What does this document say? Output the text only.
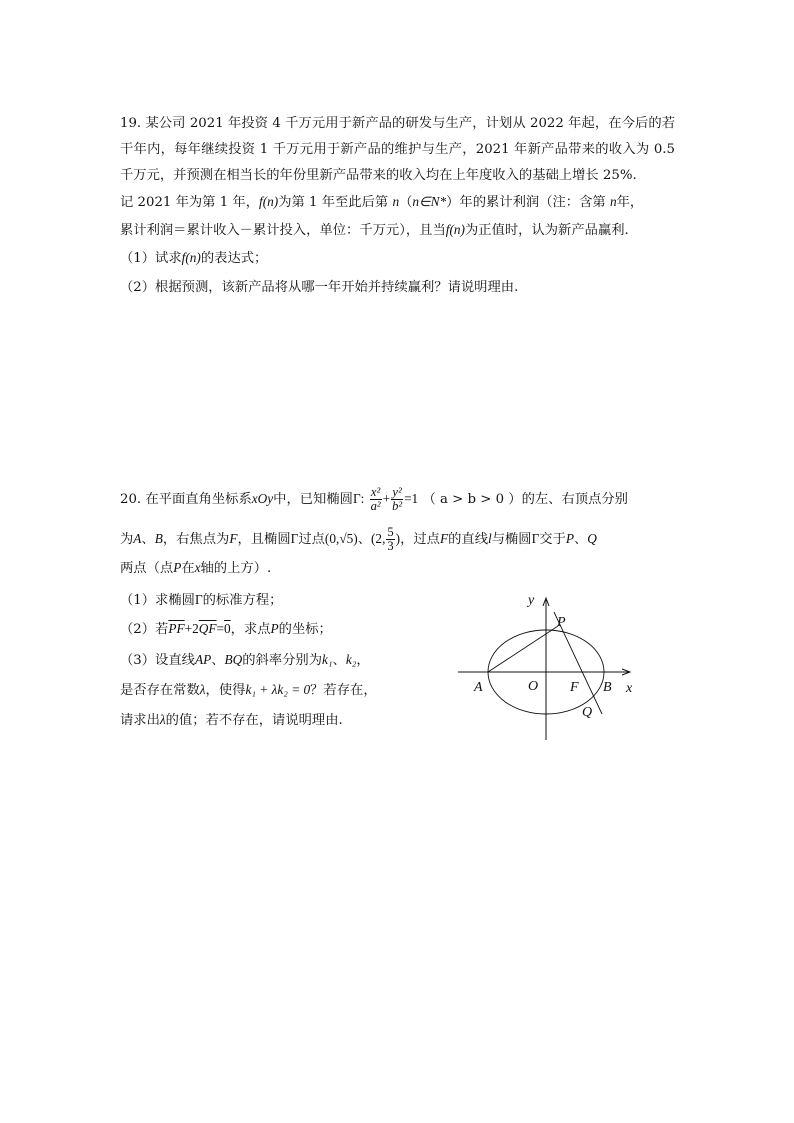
19. 某公司 2021 年投资 4 千万元用于新产品的研发与生产，计划从 2022 年起，在今后的若
干年内，每年继续投资 1 千万元用于新产品的维护与生产，2021 年新产品带来的收入为 0.5
千万元，并预测在相当长的年份里新产品带来的收入均在上年度收入的基础上增长 25%.
记 2021 年为第 1 年，f(n)为第 1 年至此后第 n（n∈N*）年的累计利润（注：含第 n年，
累计利润＝累计收入－累计投入，单位：千万元），且当f(n)为正值时，认为新产品赢利.
（1）试求f(n)的表达式；
（2）根据预测，该新产品将从哪一年开始并持续赢利？请说明理由.
20. 在平面直角坐标系xOy中，已知椭圆Γ: $\frac{\text{x²}}{\text{a²}} + \frac{\text{y²}}{\text{b²}} =1$ （ a > b > 0 ）的左、右顶点分别
为A、B，右焦点为F，且椭圆Γ过点(0,√5)、(2, $\frac{5}{3}$ )，过点F的直线l与椭圆Γ交于P、Q
两点（点P在x轴的上方）.
（1）求椭圆Γ的标准方程；
（2）若$\overline{PF}+2\overline{QF}=0$，求点P的坐标；
（3）设直线AP、BQ的斜率分别为k₁、k₂，
是否存在常数λ，使得k₁ + λk₂ = 0？若存在，
请求出λ的值；若不存在，请说明理由.
y
x
O
A	B
F
P
Q
